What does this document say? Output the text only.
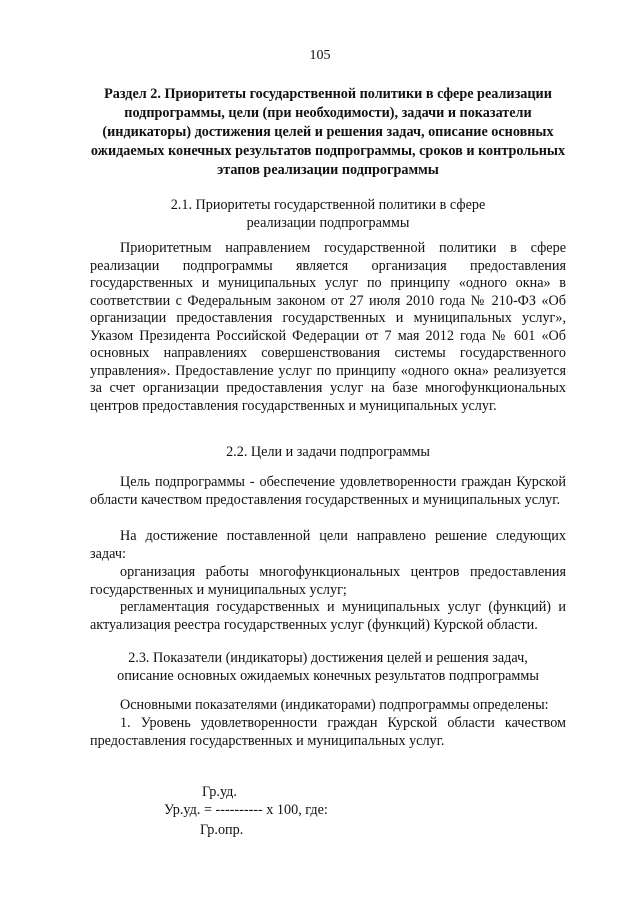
105
Раздел 2. Приоритеты государственной политики в сфере реализации подпрограммы, цели (при необходимости), задачи и показатели (индикаторы) достижения целей и решения задач, описание основных ожидаемых конечных результатов подпрограммы, сроков и контрольных этапов реализации подпрограммы
2.1. Приоритеты государственной политики в сфере
реализации подпрограммы
Приоритетным направлением государственной политики в сфере реализации подпрограммы является организация предоставления государственных и муниципальных услуг по принципу «одного окна» в соответствии с Федеральным законом от 27 июля 2010 года № 210-ФЗ «Об организации предоставления государственных и муниципальных услуг», Указом Президента Российской Федерации от 7 мая 2012 года № 601 «Об основных направлениях совершенствования системы государственного управления». Предоставление услуг по принципу «одного окна» реализуется за счет организации предоставления услуг на базе многофункциональных центров предоставления государственных и муниципальных услуг.
2.2. Цели и задачи подпрограммы
Цель подпрограммы - обеспечение удовлетворенности граждан Курской области качеством предоставления государственных и муниципальных услуг.
На достижение поставленной цели направлено решение следующих задач:
организация работы многофункциональных центров предоставления государственных и муниципальных услуг;
регламентация государственных и муниципальных услуг (функций) и актуализация реестра государственных услуг (функций) Курской области.
2.3. Показатели (индикаторы) достижения целей и решения задач,
описание основных ожидаемых конечных результатов подпрограммы
Основными показателями (индикаторами) подпрограммы определены:
1. Уровень удовлетворенности граждан Курской области качеством предоставления государственных и муниципальных услуг.
Гр.уд.
Ур.уд. = ---------- х 100, где:
Гр.опр.
